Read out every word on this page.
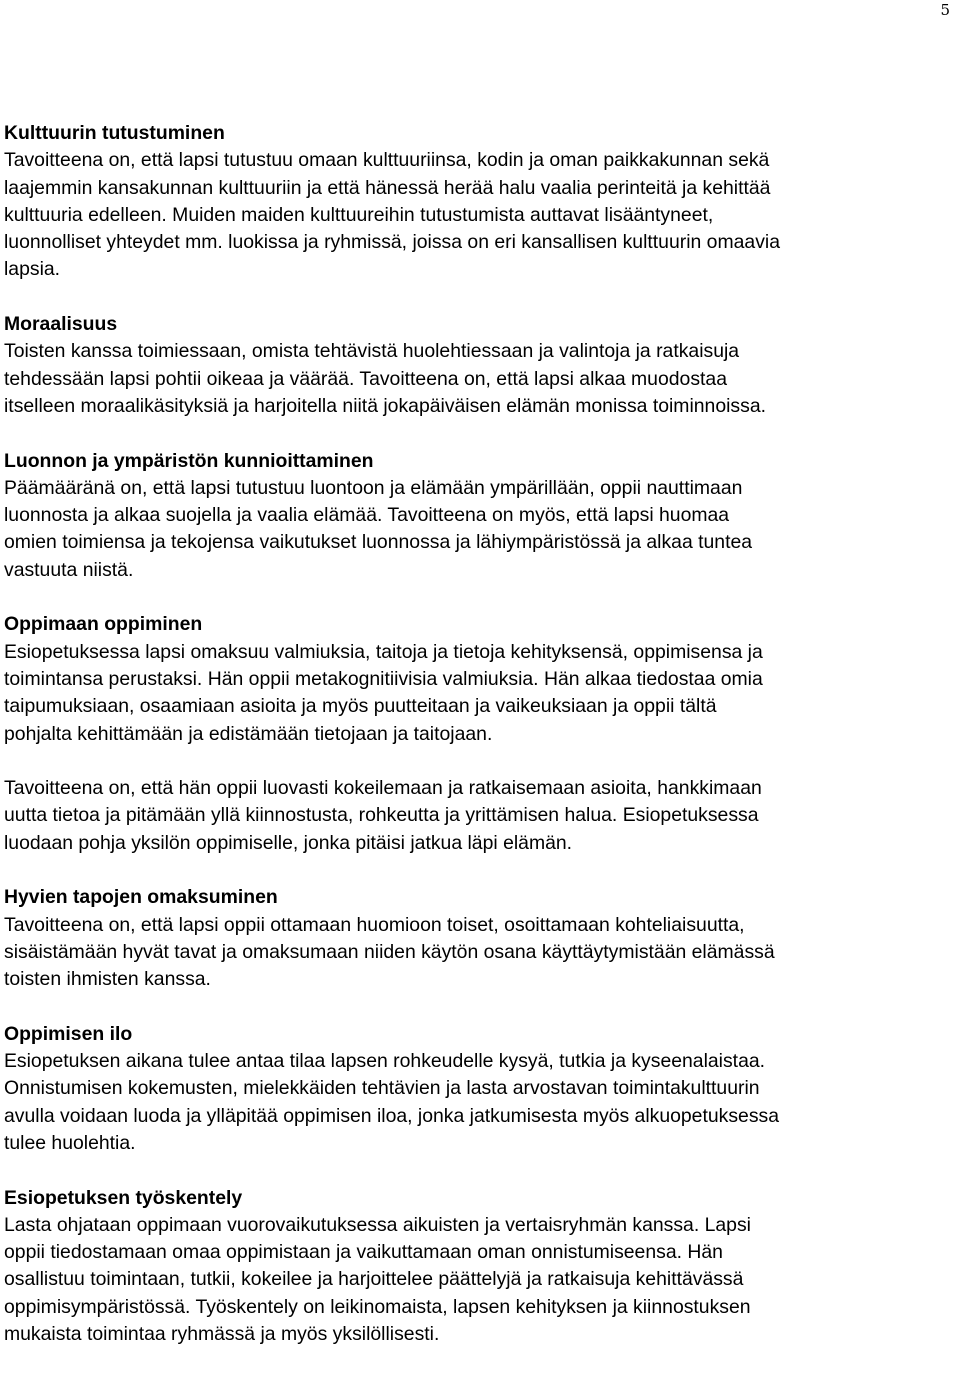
5
Kulttuurin tutustuminen

Tavoitteena on, että lapsi tutustuu omaan kulttuuriinsa, kodin ja oman paikkakunnan sekä
laajemmin kansakunnan kulttuuriin ja että hänessä herää halu vaalia perinteitä ja kehittää
kulttuuria edelleen. Muiden maiden kulttuureihin tutustumista auttavat lisääntyneet,
luonnolliset yhteydet mm. luokissa ja ryhmissä, joissa on eri kansallisen kulttuurin omaavia
lapsia.

Moraalisuus

Toisten kanssa toimiessaan, omista tehtävistä huolehtiessaan ja valintoja ja ratkaisuja
tehdessään lapsi pohtii oikeaa ja väärää. Tavoitteena on, että lapsi alkaa muodostaa
itselleen moraalikäsityksiä ja harjoitella niitä jokapäiväisen elämän monissa toiminnoissa.

Luonnon ja ympäristön kunnioittaminen

Päämääränä on, että lapsi tutustuu luontoon ja elämään ympärillään, oppii nauttimaan
luonnosta ja alkaa suojella ja vaalia elämää. Tavoitteena on myös, että lapsi huomaa
omien toimiensa ja tekojensa vaikutukset luonnossa ja lähiympäristössä ja alkaa tuntea
vastuuta niistä.

Oppimaan oppiminen

Esiopetuksessa lapsi omaksuu valmiuksia, taitoja ja tietoja kehityksensä, oppimisensa ja
toimintansa perustaksi. Hän oppii metakognitiivisia valmiuksia. Hän alkaa tiedostaa omia
taipumuksiaan, osaamiaan asioita ja myös puutteitaan ja vaikeuksiaan ja oppii tältä
pohjalta kehittämään ja edistämään tietojaan ja taitojaan.

Tavoitteena on, että hän oppii luovasti kokeilemaan ja ratkaisemaan asioita, hankkimaan
uutta tietoa ja pitämään yllä kiinnostusta, rohkeutta ja yrittämisen halua. Esiopetuksessa
luodaan pohja yksilön oppimiselle, jonka pitäisi jatkua läpi elämän.

Hyvien tapojen omaksuminen

Tavoitteena on, että lapsi oppii ottamaan huomioon toiset, osoittamaan kohteliaisuutta,
sisäistämään hyvät tavat ja omaksumaan niiden käytön osana käyttäytymistään elämässä
toisten ihmisten kanssa.

Oppimisen ilo

Esiopetuksen aikana tulee antaa tilaa lapsen rohkeudelle kysyä, tutkia ja kyseenalaistaa.
Onnistumisen kokemusten, mielekkäiden tehtävien ja lasta arvostavan toimintakulttuurin
avulla voidaan luoda ja ylläpitää oppimisen iloa, jonka jatkumisesta myös alkuopetuksessa
tulee huolehtia.

Esiopetuksen työskentely

Lasta ohjataan oppimaan vuorovaikutuksessa aikuisten ja vertaisryhmän kanssa. Lapsi
oppii tiedostamaan omaa oppimistaan ja vaikuttamaan oman onnistumiseensa. Hän
osallistuu toimintaan, tutkii, kokeilee ja harjoittelee päättelyjä ja ratkaisuja kehittävässä
oppimisympäristössä. Työskentely on leikinomaista, lapsen kehityksen ja kiinnostuksen
mukaista toimintaa ryhmässä ja myös yksilöllisesti.
